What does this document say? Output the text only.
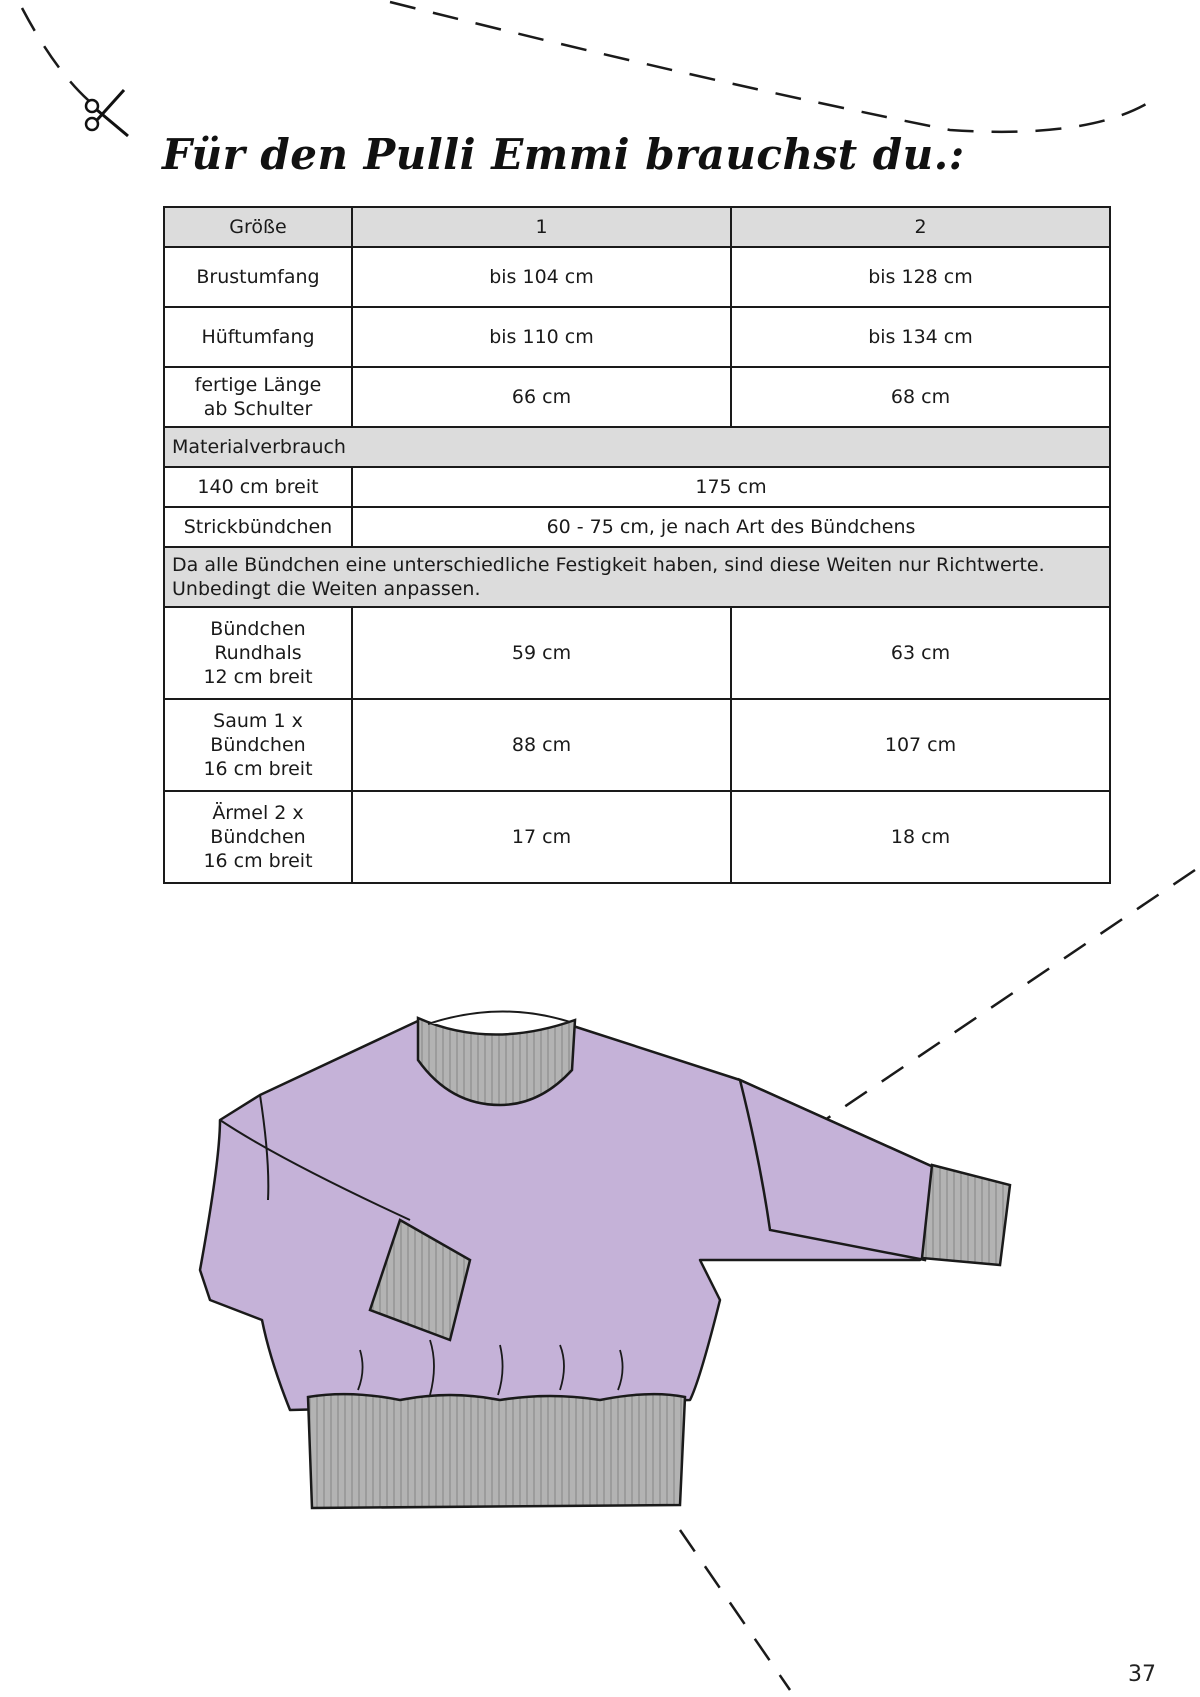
Für den Pulli Emmi brauchst du.:
Größe	1	2
Brustumfang	bis 104 cm	bis 128 cm
Hüftumfang	bis 110 cm	bis 134 cm
fertige Länge
ab Schulter	66 cm	68 cm
Materialverbrauch		
140 cm breit	175 cm	
Strickbündchen	60 - 75 cm, je nach Art des Bündchens	
Da alle Bündchen eine unterschiedliche Festigkeit haben, sind diese Weiten nur Richtwerte.
Unbedingt die Weiten anpassen.		
Bündchen
Rundhals
12 cm breit	59 cm	63 cm
Saum 1 x
Bündchen
16 cm breit	88 cm	107 cm
Ärmel 2 x
Bündchen
16 cm breit	17 cm	18 cm
37
